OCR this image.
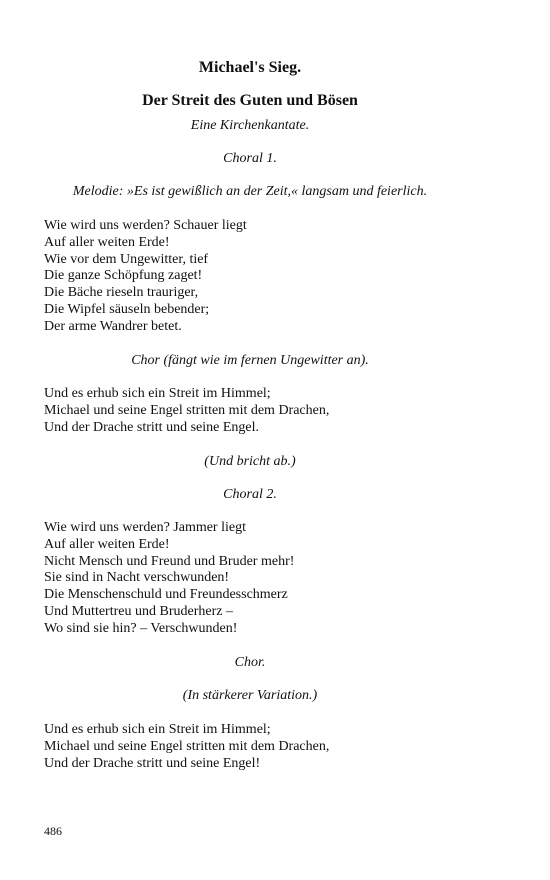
Michael's Sieg.
Der Streit des Guten und Bösen
Eine Kirchenkantate.
Choral 1.
Melodie: »Es ist gewißlich an der Zeit,« langsam und feierlich.
Wie wird uns werden? Schauer liegt
Auf aller weiten Erde!
Wie vor dem Ungewitter, tief
Die ganze Schöpfung zaget!
Die Bäche rieseln trauriger,
Die Wipfel säuseln bebender;
Der arme Wandrer betet.
Chor (fängt wie im fernen Ungewitter an).
Und es erhub sich ein Streit im Himmel;
Michael und seine Engel stritten mit dem Drachen,
Und der Drache stritt und seine Engel.
(Und bricht ab.)
Choral 2.
Wie wird uns werden? Jammer liegt
Auf aller weiten Erde!
Nicht Mensch und Freund und Bruder mehr!
Sie sind in Nacht verschwunden!
Die Menschenschuld und Freundesschmerz
Und Muttertreu und Bruderherz –
Wo sind sie hin? – Verschwunden!
Chor.
(In stärkerer Variation.)
Und es erhub sich ein Streit im Himmel;
Michael und seine Engel stritten mit dem Drachen,
Und der Drache stritt und seine Engel!
486
